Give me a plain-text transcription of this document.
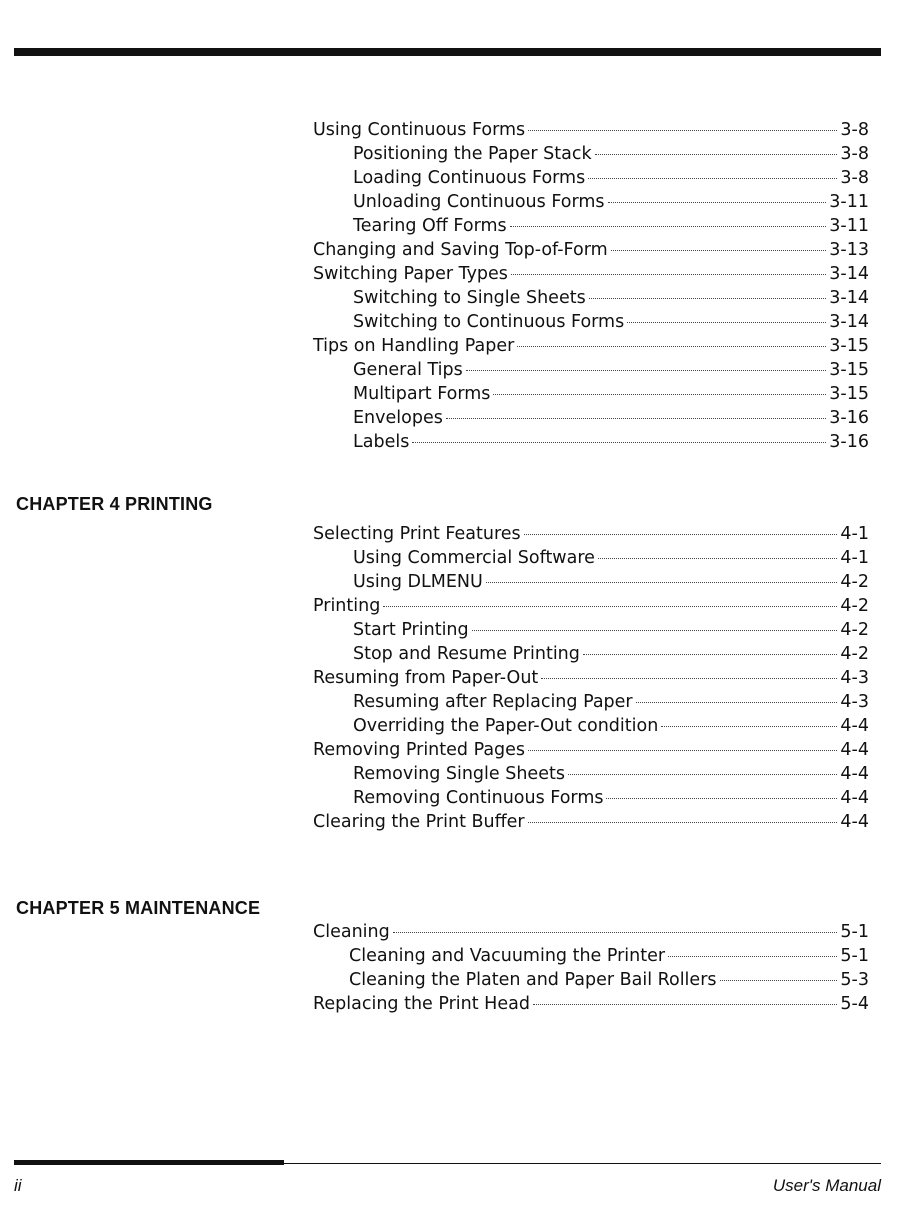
CHAPTER 4 PRINTING
CHAPTER 5 MAINTENANCE
Using Continuous Forms	3-8
Positioning the Paper Stack	3-8
Loading Continuous Forms	3-8
Unloading Continuous Forms	3-11
Tearing Off Forms	3-11
Changing and Saving Top-of-Form	3-13
Switching Paper Types	3-14
Switching to Single Sheets	3-14
Switching to Continuous Forms	3-14
Tips on Handling Paper	3-15
General Tips	3-15
Multipart Forms	3-15
Envelopes	3-16
Labels	3-16
Selecting Print Features	4-1
Using Commercial Software	4-1
Using DLMENU	4-2
Printing	4-2
Start Printing	4-2
Stop and Resume Printing	4-2
Resuming from Paper-Out	4-3
Resuming after Replacing Paper	4-3
Overriding the Paper-Out condition	4-4
Removing Printed Pages	4-4
Removing Single Sheets	4-4
Removing Continuous Forms	4-4
Clearing the Print Buffer	4-4
Cleaning	5-1
Cleaning and Vacuuming the Printer	5-1
Cleaning the Platen and Paper Bail Rollers	5-3
Replacing the Print Head	5-4
ii	User's Manual
